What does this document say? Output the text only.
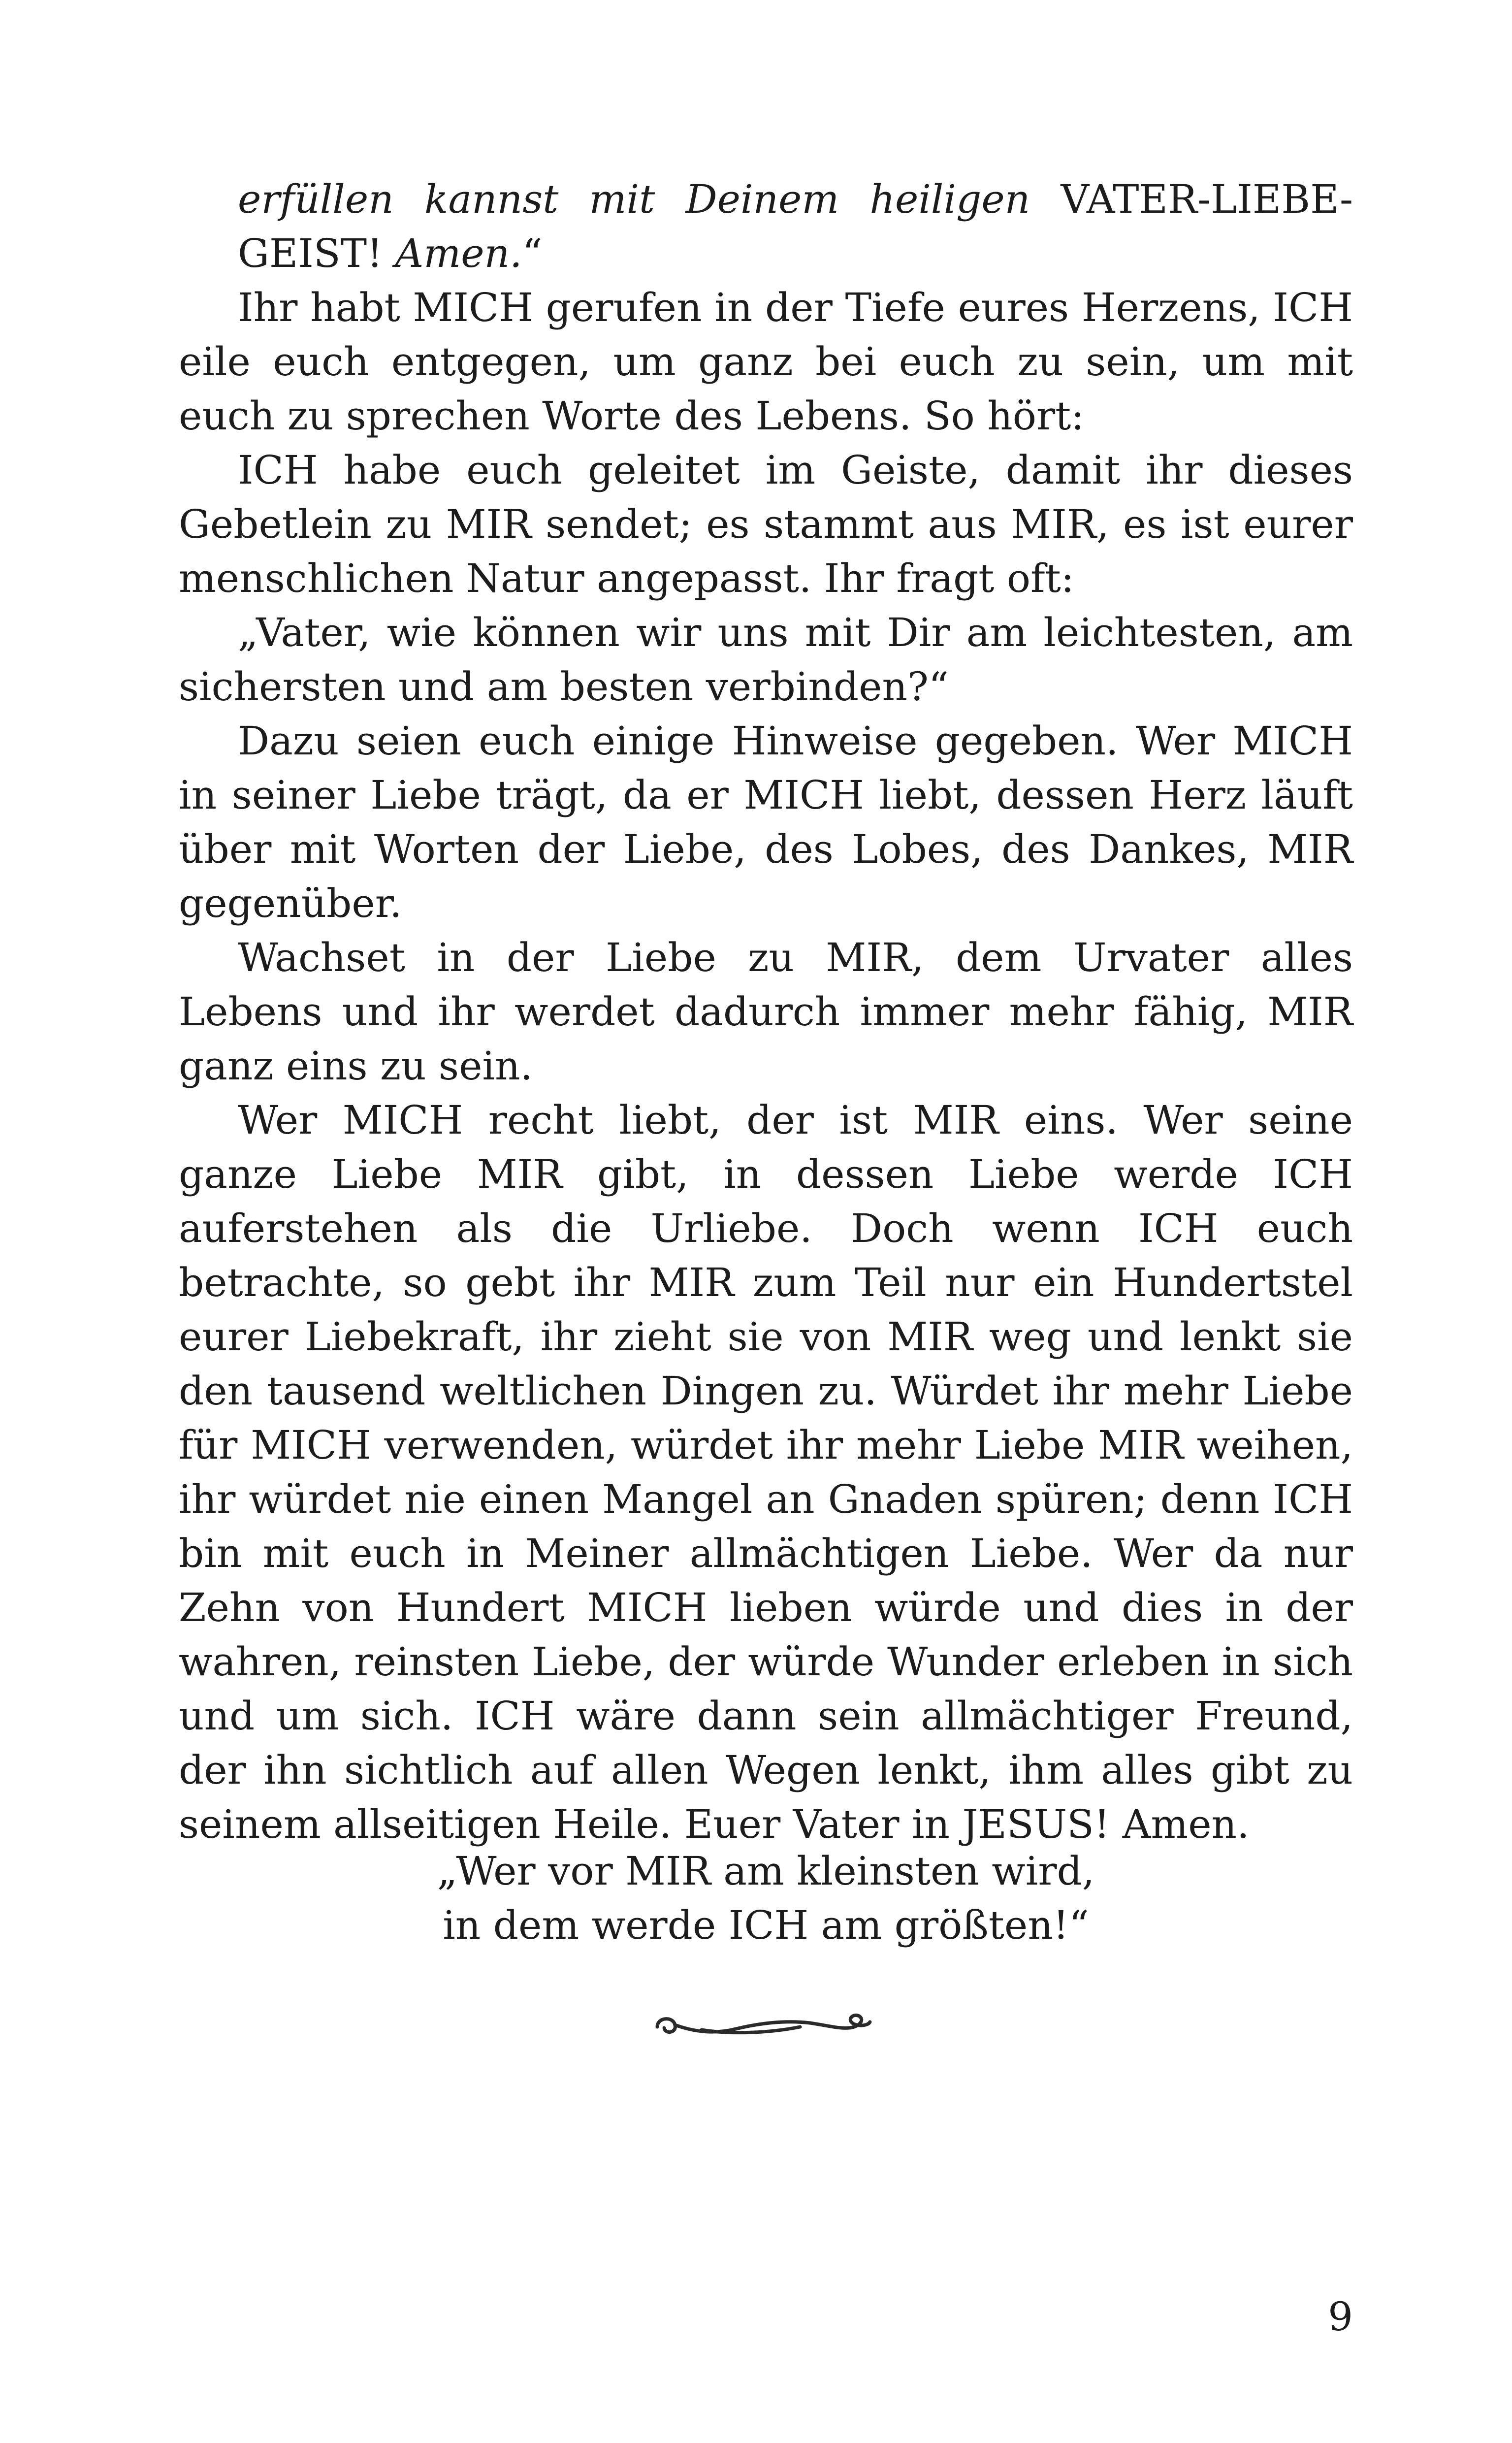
erfüllen kannst mit Deinem heiligen VATER-LIEBE-GEIST! Amen.“

Ihr habt MICH gerufen in der Tiefe eures Herzens, ICH eile euch entgegen, um ganz bei euch zu sein, um mit euch zu sprechen Worte des Lebens. So hört:

ICH habe euch geleitet im Geiste, damit ihr dieses Gebetlein zu MIR sendet; es stammt aus MIR, es ist eurer menschlichen Natur angepasst. Ihr fragt oft:

„Vater, wie können wir uns mit Dir am leichtesten, am sichersten und am besten verbinden?“

Dazu seien euch einige Hinweise gegeben. Wer MICH in seiner Liebe trägt, da er MICH liebt, dessen Herz läuft über mit Worten der Liebe, des Lobes, des Dankes, MIR gegenüber.

Wachset in der Liebe zu MIR, dem Urvater alles Lebens und ihr werdet dadurch immer mehr fähig, MIR ganz eins zu sein.

Wer MICH recht liebt, der ist MIR eins. Wer seine ganze Liebe MIR gibt, in dessen Liebe werde ICH auferstehen als die Urliebe. Doch wenn ICH euch betrachte, so gebt ihr MIR zum Teil nur ein Hundertstel eurer Liebekraft, ihr zieht sie von MIR weg und lenkt sie den tausend weltlichen Dingen zu. Würdet ihr mehr Liebe für MICH verwenden, würdet ihr mehr Liebe MIR weihen, ihr würdet nie einen Mangel an Gnaden spüren; denn ICH bin mit euch in Meiner allmächtigen Liebe. Wer da nur Zehn von Hundert MICH lieben würde und dies in der wahren, reinsten Liebe, der würde Wunder erleben in sich und um sich. ICH wäre dann sein allmächtiger Freund, der ihn sichtlich auf allen Wegen lenkt, ihm alles gibt zu seinem allseitigen Heile. Euer Vater in JESUS! Amen.

„Wer vor MIR am kleinsten wird,
in dem werde ICH am größten!“
9
